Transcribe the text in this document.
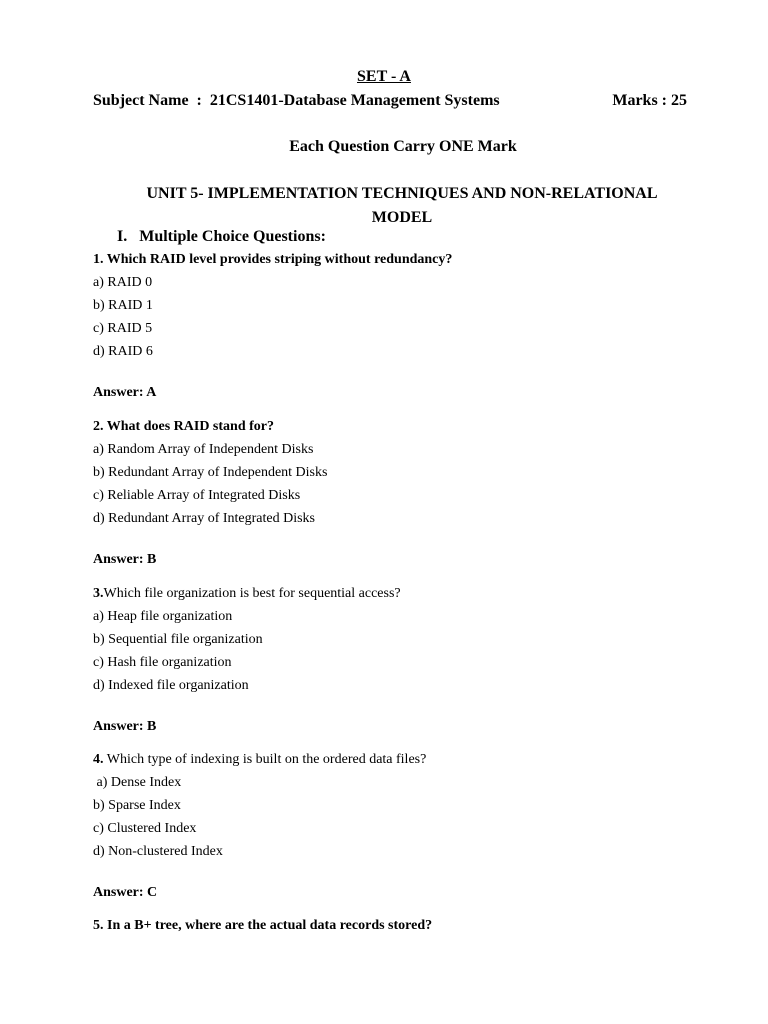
SET - A
Subject Name  :  21CS1401-Database Management Systems	Marks : 25
Each Question Carry ONE Mark
UNIT 5- IMPLEMENTATION TECHNIQUES AND NON-RELATIONAL
MODEL
I. Multiple Choice Questions:
1. Which RAID level provides striping without redundancy?
a) RAID 0
b) RAID 1
c) RAID 5
d) RAID 6
Answer: A
2. What does RAID stand for?
a) Random Array of Independent Disks
b) Redundant Array of Independent Disks
c) Reliable Array of Integrated Disks
d) Redundant Array of Integrated Disks
Answer: B
3.Which file organization is best for sequential access?
a) Heap file organization
b) Sequential file organization
c) Hash file organization
d) Indexed file organization
Answer: B
4. Which type of indexing is built on the ordered data files?
a) Dense Index
b) Sparse Index
c) Clustered Index
d) Non-clustered Index
Answer: C
5. In a B+ tree, where are the actual data records stored?
